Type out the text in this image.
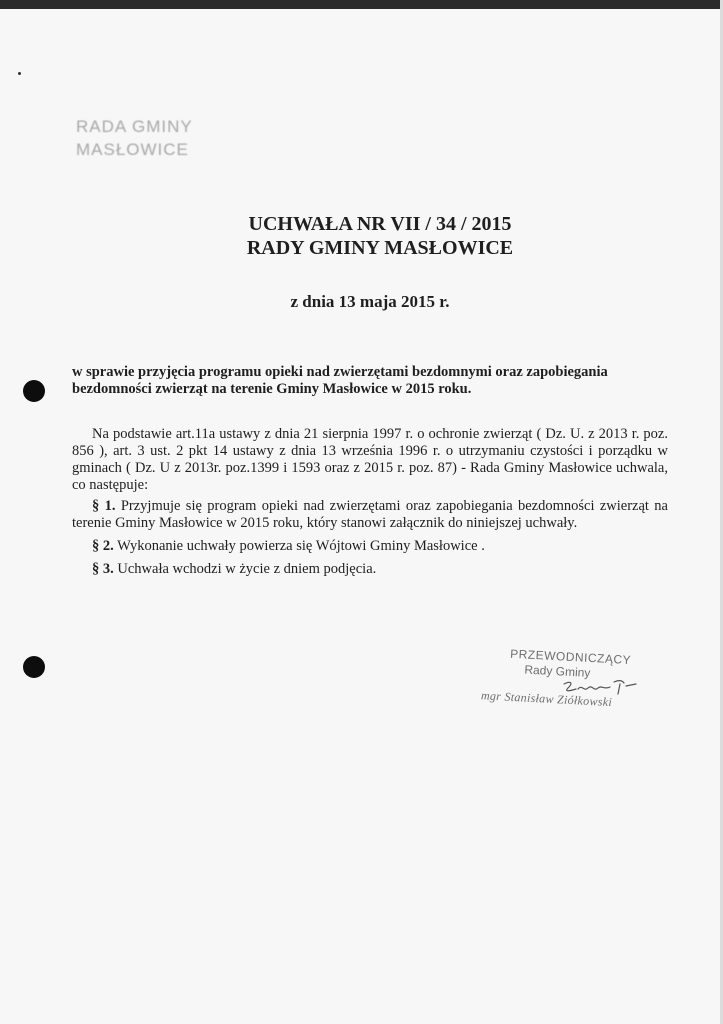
RADA GMINY
MASŁOWICE
UCHWAŁA NR VII / 34 / 2015
RADY GMINY MASŁOWICE
z dnia 13 maja 2015 r.
w sprawie przyjęcia programu opieki nad zwierzętami bezdomnymi oraz zapobiegania bezdomności zwierząt na terenie Gminy Masłowice w 2015 roku.
Na podstawie art.11a ustawy z dnia 21 sierpnia 1997 r. o ochronie zwierząt ( Dz. U. z 2013 r. poz. 856 ), art. 3 ust. 2 pkt 14 ustawy z dnia 13 września 1996 r. o utrzymaniu czystości i porządku w gminach ( Dz. U z 2013r. poz.1399 i 1593 oraz z 2015 r. poz. 87) - Rada Gminy Masłowice uchwala, co następuje:
§ 1. Przyjmuje się program opieki nad zwierzętami oraz zapobiegania bezdomności zwierząt na terenie Gminy Masłowice w 2015 roku, który stanowi załącznik do niniejszej uchwały.
§ 2. Wykonanie uchwały powierza się Wójtowi Gminy Masłowice .
§ 3. Uchwała wchodzi w życie z dniem podjęcia.
PRZEWODNICZĄCY
Rady Gminy
mgr Stanisław Ziółkowski
